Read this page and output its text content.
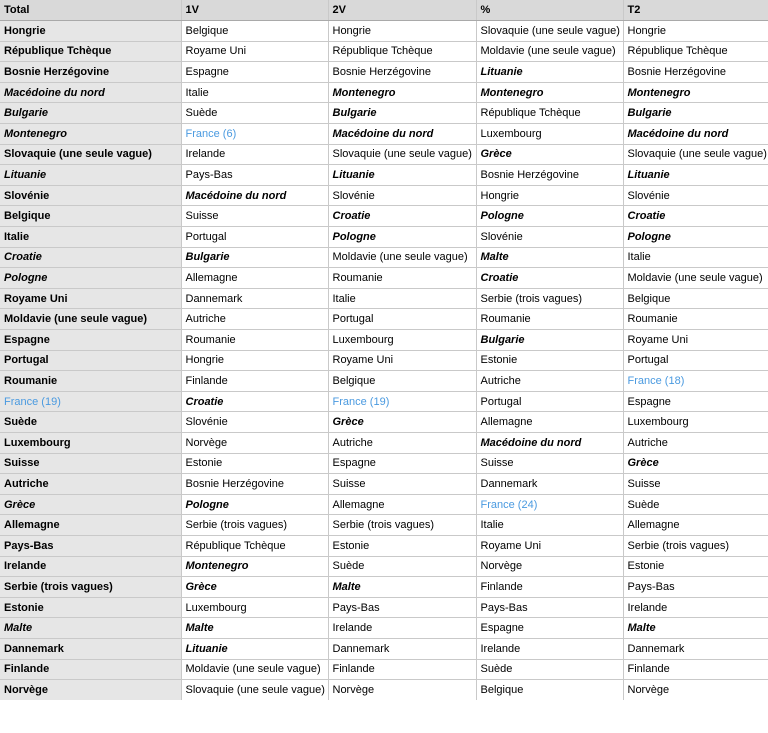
Total	1V	2V	%	T2
Hongrie	Belgique	Hongrie	Slovaquie (une seule vague)	Hongrie
République Tchèque	Royame Uni	République Tchèque	Moldavie (une seule vague)	République Tchèque
Bosnie Herzégovine	Espagne	Bosnie Herzégovine	Lituanie	Bosnie Herzégovine
Macédoine du nord	Italie	Montenegro	Montenegro	Montenegro
Bulgarie	Suède	Bulgarie	République Tchèque	Bulgarie
Montenegro	France (6)	Macédoine du nord	Luxembourg	Macédoine du nord
Slovaquie (une seule vague)	Irelande	Slovaquie (une seule vague)	Grèce	Slovaquie (une seule vague)
Lituanie	Pays-Bas	Lituanie	Bosnie Herzégovine	Lituanie
Slovénie	Macédoine du nord	Slovénie	Hongrie	Slovénie
Belgique	Suisse	Croatie	Pologne	Croatie
Italie	Portugal	Pologne	Slovénie	Pologne
Croatie	Bulgarie	Moldavie (une seule vague)	Malte	Italie
Pologne	Allemagne	Roumanie	Croatie	Moldavie (une seule vague)
Royame Uni	Dannemark	Italie	Serbie (trois vagues)	Belgique
Moldavie (une seule vague)	Autriche	Portugal	Roumanie	Roumanie
Espagne	Roumanie	Luxembourg	Bulgarie	Royame Uni
Portugal	Hongrie	Royame Uni	Estonie	Portugal
Roumanie	Finlande	Belgique	Autriche	France (18)
France (19)	Croatie	France (19)	Portugal	Espagne
Suède	Slovénie	Grèce	Allemagne	Luxembourg
Luxembourg	Norvège	Autriche	Macédoine du nord	Autriche
Suisse	Estonie	Espagne	Suisse	Grèce
Autriche	Bosnie Herzégovine	Suisse	Dannemark	Suisse
Grèce	Pologne	Allemagne	France (24)	Suède
Allemagne	Serbie (trois vagues)	Serbie (trois vagues)	Italie	Allemagne
Pays-Bas	République Tchèque	Estonie	Royame Uni	Serbie (trois vagues)
Irelande	Montenegro	Suède	Norvège	Estonie
Serbie (trois vagues)	Grèce	Malte	Finlande	Pays-Bas
Estonie	Luxembourg	Pays-Bas	Pays-Bas	Irelande
Malte	Malte	Irelande	Espagne	Malte
Dannemark	Lituanie	Dannemark	Irelande	Dannemark
Finlande	Moldavie (une seule vague)	Finlande	Suède	Finlande
Norvège	Slovaquie (une seule vague)	Norvège	Belgique	Norvège
